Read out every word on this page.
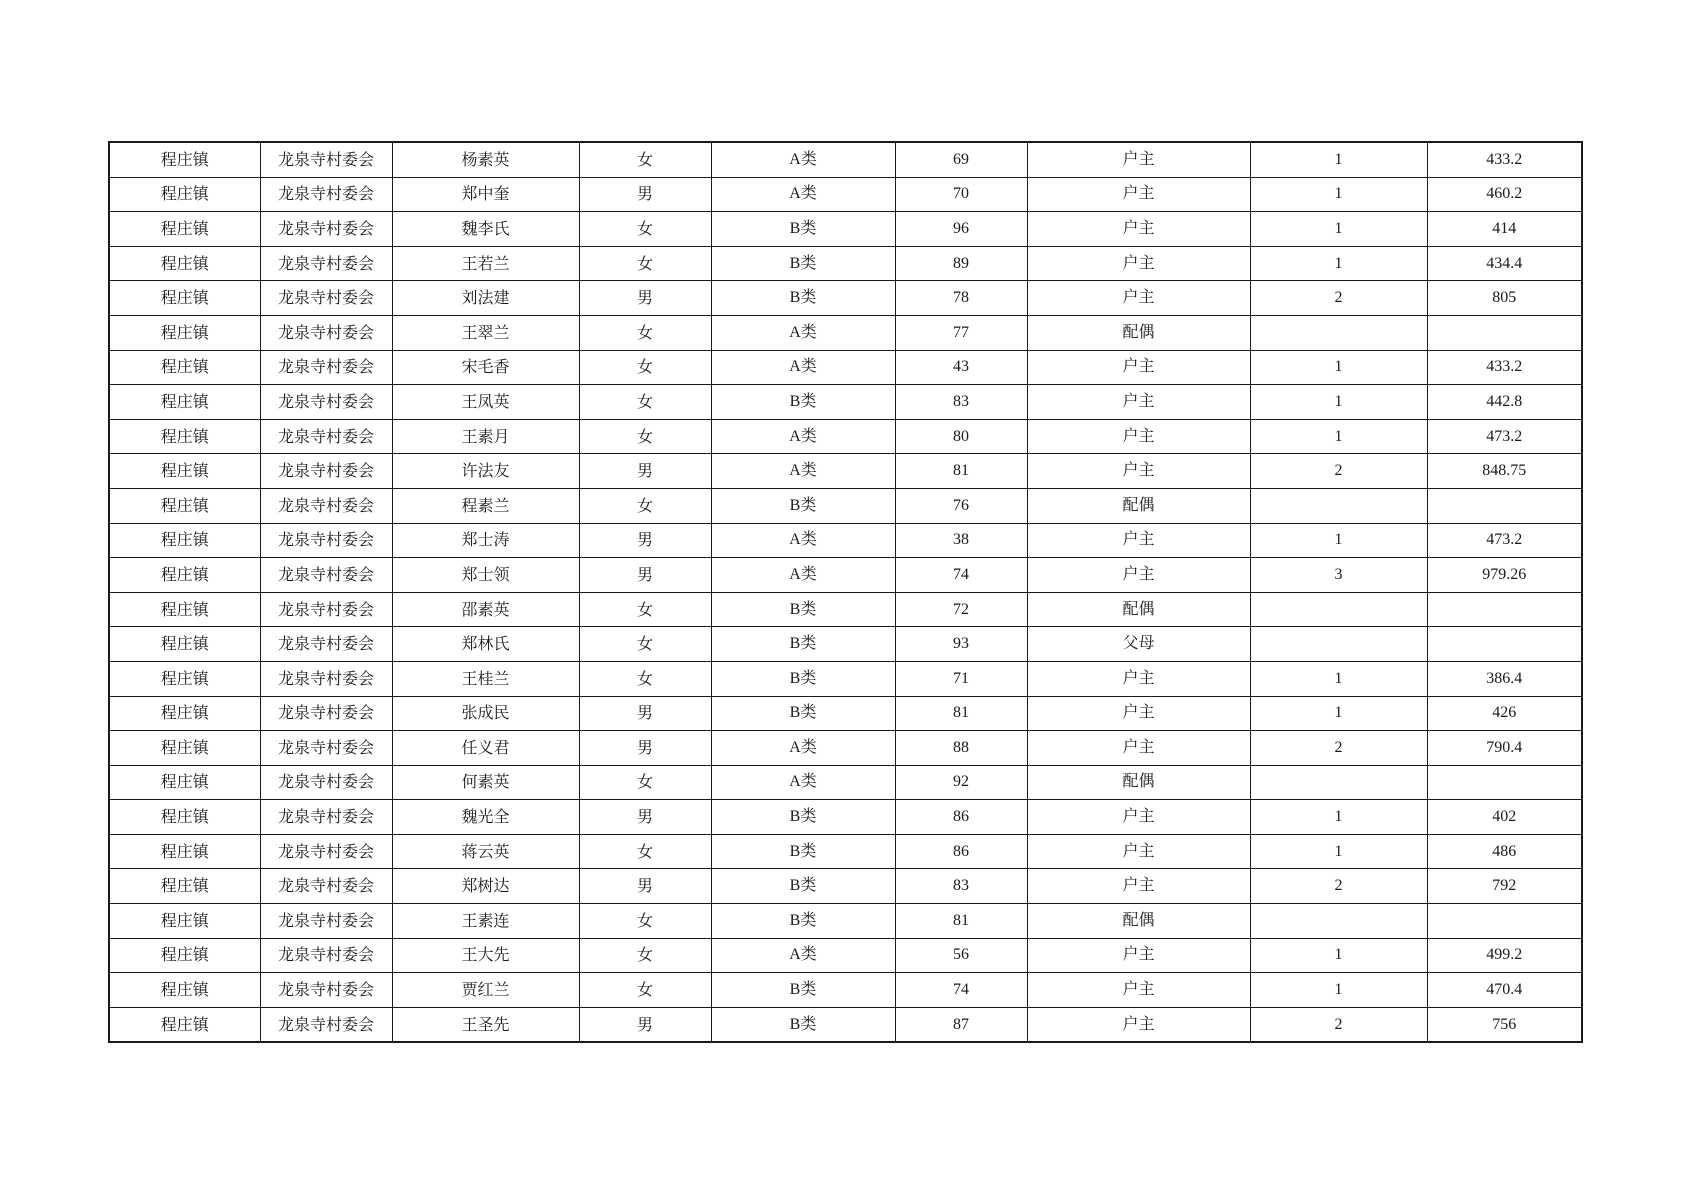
程庄镇	龙泉寺村委会	杨素英	女	A类	69	户主	1	433.2
程庄镇	龙泉寺村委会	郑中奎	男	A类	70	户主	1	460.2
程庄镇	龙泉寺村委会	魏李氏	女	B类	96	户主	1	414
程庄镇	龙泉寺村委会	王若兰	女	B类	89	户主	1	434.4
程庄镇	龙泉寺村委会	刘法建	男	B类	78	户主	2	805
程庄镇	龙泉寺村委会	王翠兰	女	A类	77	配偶		
程庄镇	龙泉寺村委会	宋毛香	女	A类	43	户主	1	433.2
程庄镇	龙泉寺村委会	王凤英	女	B类	83	户主	1	442.8
程庄镇	龙泉寺村委会	王素月	女	A类	80	户主	1	473.2
程庄镇	龙泉寺村委会	许法友	男	A类	81	户主	2	848.75
程庄镇	龙泉寺村委会	程素兰	女	B类	76	配偶		
程庄镇	龙泉寺村委会	郑士涛	男	A类	38	户主	1	473.2
程庄镇	龙泉寺村委会	郑士领	男	A类	74	户主	3	979.26
程庄镇	龙泉寺村委会	邵素英	女	B类	72	配偶		
程庄镇	龙泉寺村委会	郑林氏	女	B类	93	父母		
程庄镇	龙泉寺村委会	王桂兰	女	B类	71	户主	1	386.4
程庄镇	龙泉寺村委会	张成民	男	B类	81	户主	1	426
程庄镇	龙泉寺村委会	任义君	男	A类	88	户主	2	790.4
程庄镇	龙泉寺村委会	何素英	女	A类	92	配偶		
程庄镇	龙泉寺村委会	魏光全	男	B类	86	户主	1	402
程庄镇	龙泉寺村委会	蒋云英	女	B类	86	户主	1	486
程庄镇	龙泉寺村委会	郑树达	男	B类	83	户主	2	792
程庄镇	龙泉寺村委会	王素连	女	B类	81	配偶		
程庄镇	龙泉寺村委会	王大先	女	A类	56	户主	1	499.2
程庄镇	龙泉寺村委会	贾红兰	女	B类	74	户主	1	470.4
程庄镇	龙泉寺村委会	王圣先	男	B类	87	户主	2	756
